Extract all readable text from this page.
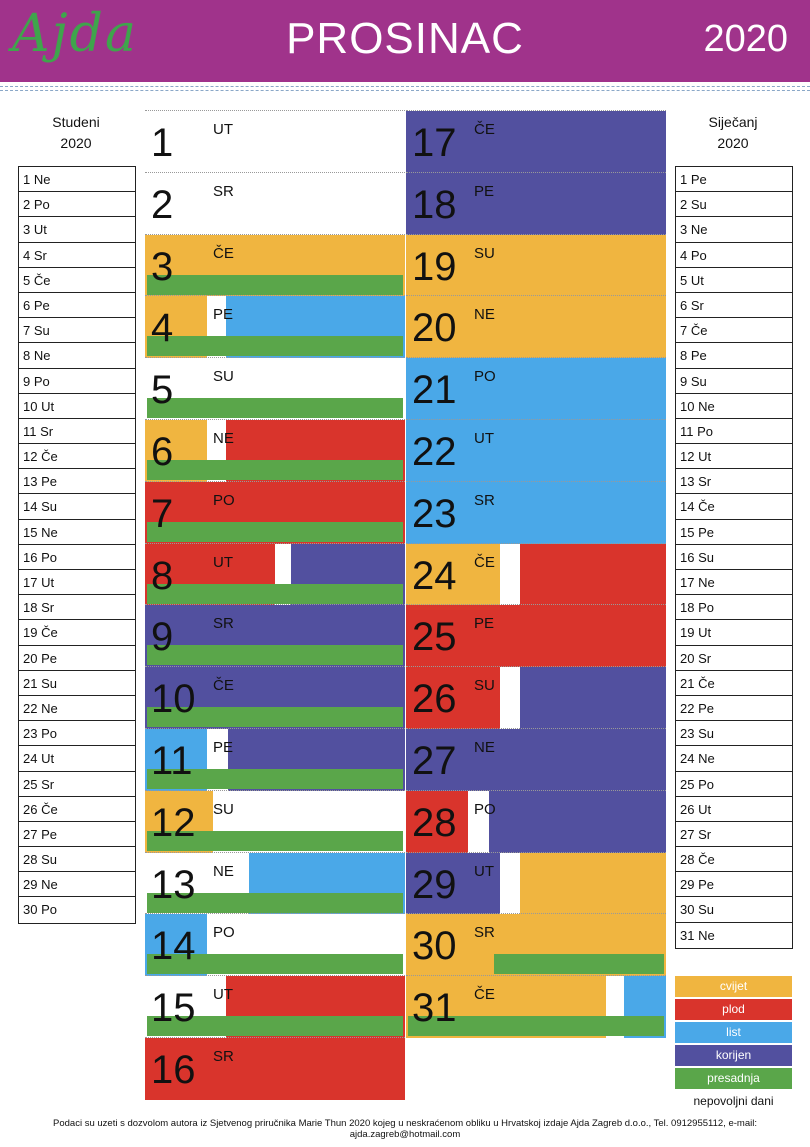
Ajda	PROSINAC	2020
Studeni
2020
1 Ne
2 Po
3 Ut
4 Sr
5 Če
6 Pe
7 Su
8 Ne
9 Po
10 Ut
11 Sr
12 Če
13 Pe
14 Su
15 Ne
16 Po
17 Ut
18 Sr
19 Če
20 Pe
21 Su
22 Ne
23 Po
24 Ut
25 Sr
26 Če
27 Pe
28 Su
29 Ne
30 Po
Siječanj
2020
1 Pe
2 Su
3 Ne
4 Po
5 Ut
6 Sr
7 Če
8 Pe
9 Su
10 Ne
11 Po
12 Ut
13 Sr
14 Če
15 Pe
16 Su
17 Ne
18 Po
19 Ut
20 Sr
21 Če
22 Pe
23 Su
24 Ne
25 Po
26 Ut
27 Sr
28 Če
29 Pe
30 Su
31 Ne
1	UT
2	SR
3	ČE
4	PE
5	SU
6	NE
7	PO
8	UT
9	SR
10 ČE
11 PE
12 SU
13 NE
14 PO
15 UT
16 SR
17 ČE
18 PE
19 SU
20 NE
21 PO
22 UT
23 SR
24 ČE
25 PE
26 SU
27 NE
28 PO
29 UT
30 SR
31 ČE
cvijet
plod
list
korijen
presadnja
nepovoljni dani
Podaci su uzeti s dozvolom autora iz Sjetvenog priručnika Marie Thun 2020 kojeg u neskraćenom obliku u Hrvatskoj izdaje Ajda Zagreb d.o.o., Tel. 0912955112, e-mail: ajda.zagreb@hotmail.com
